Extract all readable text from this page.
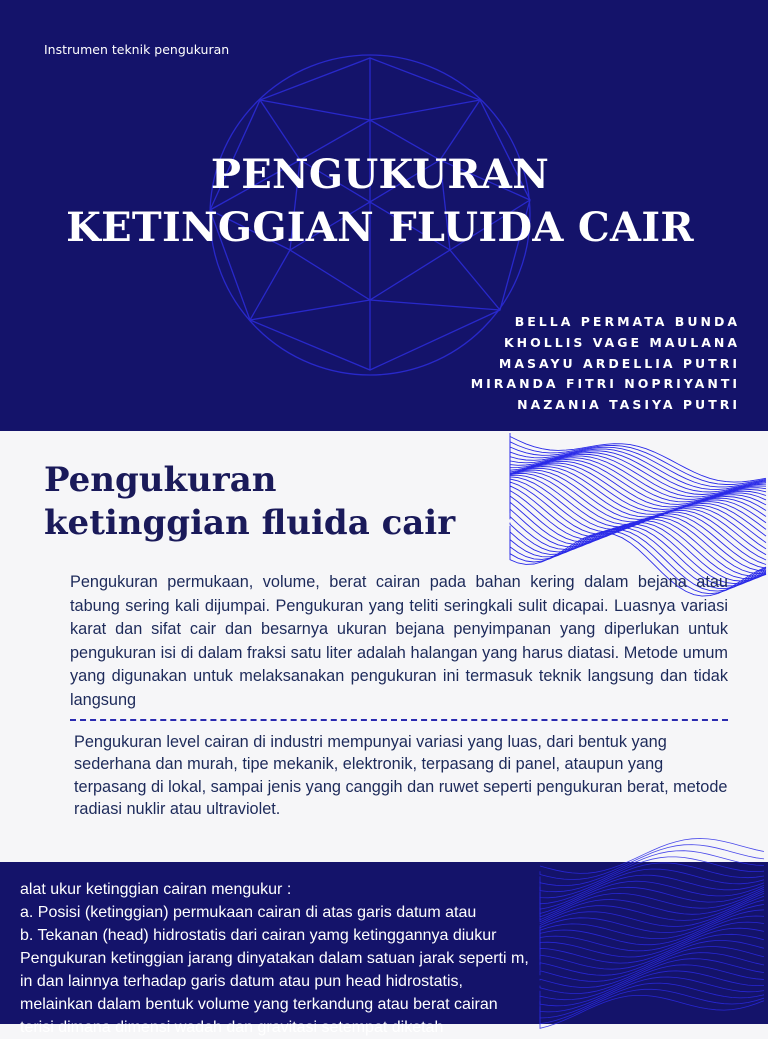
Instrumen teknik pengukuran
PENGUKURAN
KETINGGIAN FLUIDA CAIR
BELLA PERMATA BUNDA
KHOLLIS VAGE MAULANA
MASAYU ARDELLIA PUTRI
MIRANDA FITRI NOPRIYANTI
NAZANIA TASIYA PUTRI
Pengukuran
ketinggian fluida cair
Pengukuran permukaan, volume, berat cairan pada bahan kering dalam bejana atau tabung sering kali dijumpai. Pengukuran yang teliti seringkali sulit dicapai. Luasnya variasi karat dan sifat cair dan besarnya ukuran bejana penyimpanan yang diperlukan untuk pengukuran isi di dalam fraksi satu liter adalah halangan yang harus diatasi. Metode umum yang digunakan untuk melaksanakan pengukuran ini termasuk teknik langsung dan tidak langsung
Pengukuran level cairan di industri mempunyai variasi yang luas, dari bentuk yang sederhana dan murah, tipe mekanik, elektronik, terpasang di panel, ataupun yang terpasang di lokal, sampai jenis yang canggih dan ruwet seperti pengukuran berat, metode radiasi nuklir atau ultraviolet.
alat ukur ketinggian cairan mengukur :
a. Posisi (ketinggian) permukaan cairan di atas garis datum atau
b. Tekanan (head) hidrostatis dari cairan yamg ketinggannya diukur
Pengukuran ketinggian jarang dinyatakan dalam satuan jarak seperti m,
in dan lainnya terhadap garis datum atau pun head hidrostatis,
melainkan dalam bentuk volume yang terkandung atau berat cairan
terisi dimana dimensi wadah dan gravitasi setempat diketah
